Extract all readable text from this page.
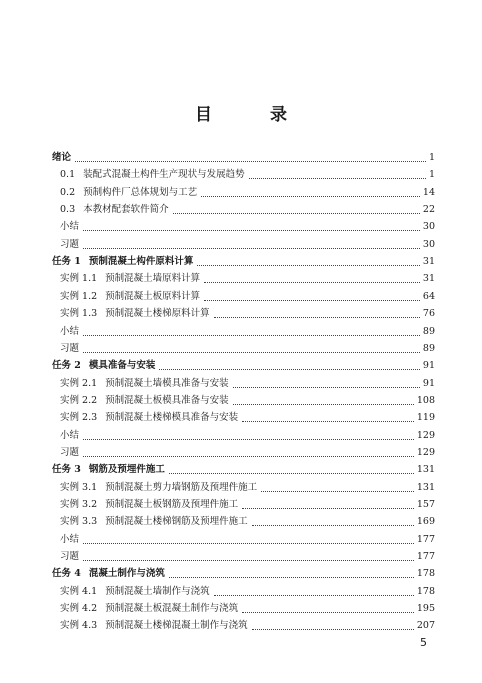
目 录
绪论	1
0.1 装配式混凝土构件生产现状与发展趋势	1
0.2 预制构件厂总体规划与工艺	14
0.3 本教材配套软件简介	22
小结	30
习题	30
任务 1 预制混凝土构件原料计算	31
实例 1.1 预制混凝土墙原料计算	31
实例 1.2 预制混凝土板原料计算	64
实例 1.3 预制混凝土楼梯原料计算	76
小结	89
习题	89
任务 2 模具准备与安装	91
实例 2.1 预制混凝土墙模具准备与安装	91
实例 2.2 预制混凝土板模具准备与安装	108
实例 2.3 预制混凝土楼梯模具准备与安装	119
小结	129
习题	129
任务 3 钢筋及预埋件施工	131
实例 3.1 预制混凝土剪力墙钢筋及预埋件施工	131
实例 3.2 预制混凝土板钢筋及预埋件施工	157
实例 3.3 预制混凝土楼梯钢筋及预埋件施工	169
小结	177
习题	177
任务 4 混凝土制作与浇筑	178
实例 4.1 预制混凝土墙制作与浇筑	178
实例 4.2 预制混凝土板混凝土制作与浇筑	195
实例 4.3 预制混凝土楼梯混凝土制作与浇筑	207
5
